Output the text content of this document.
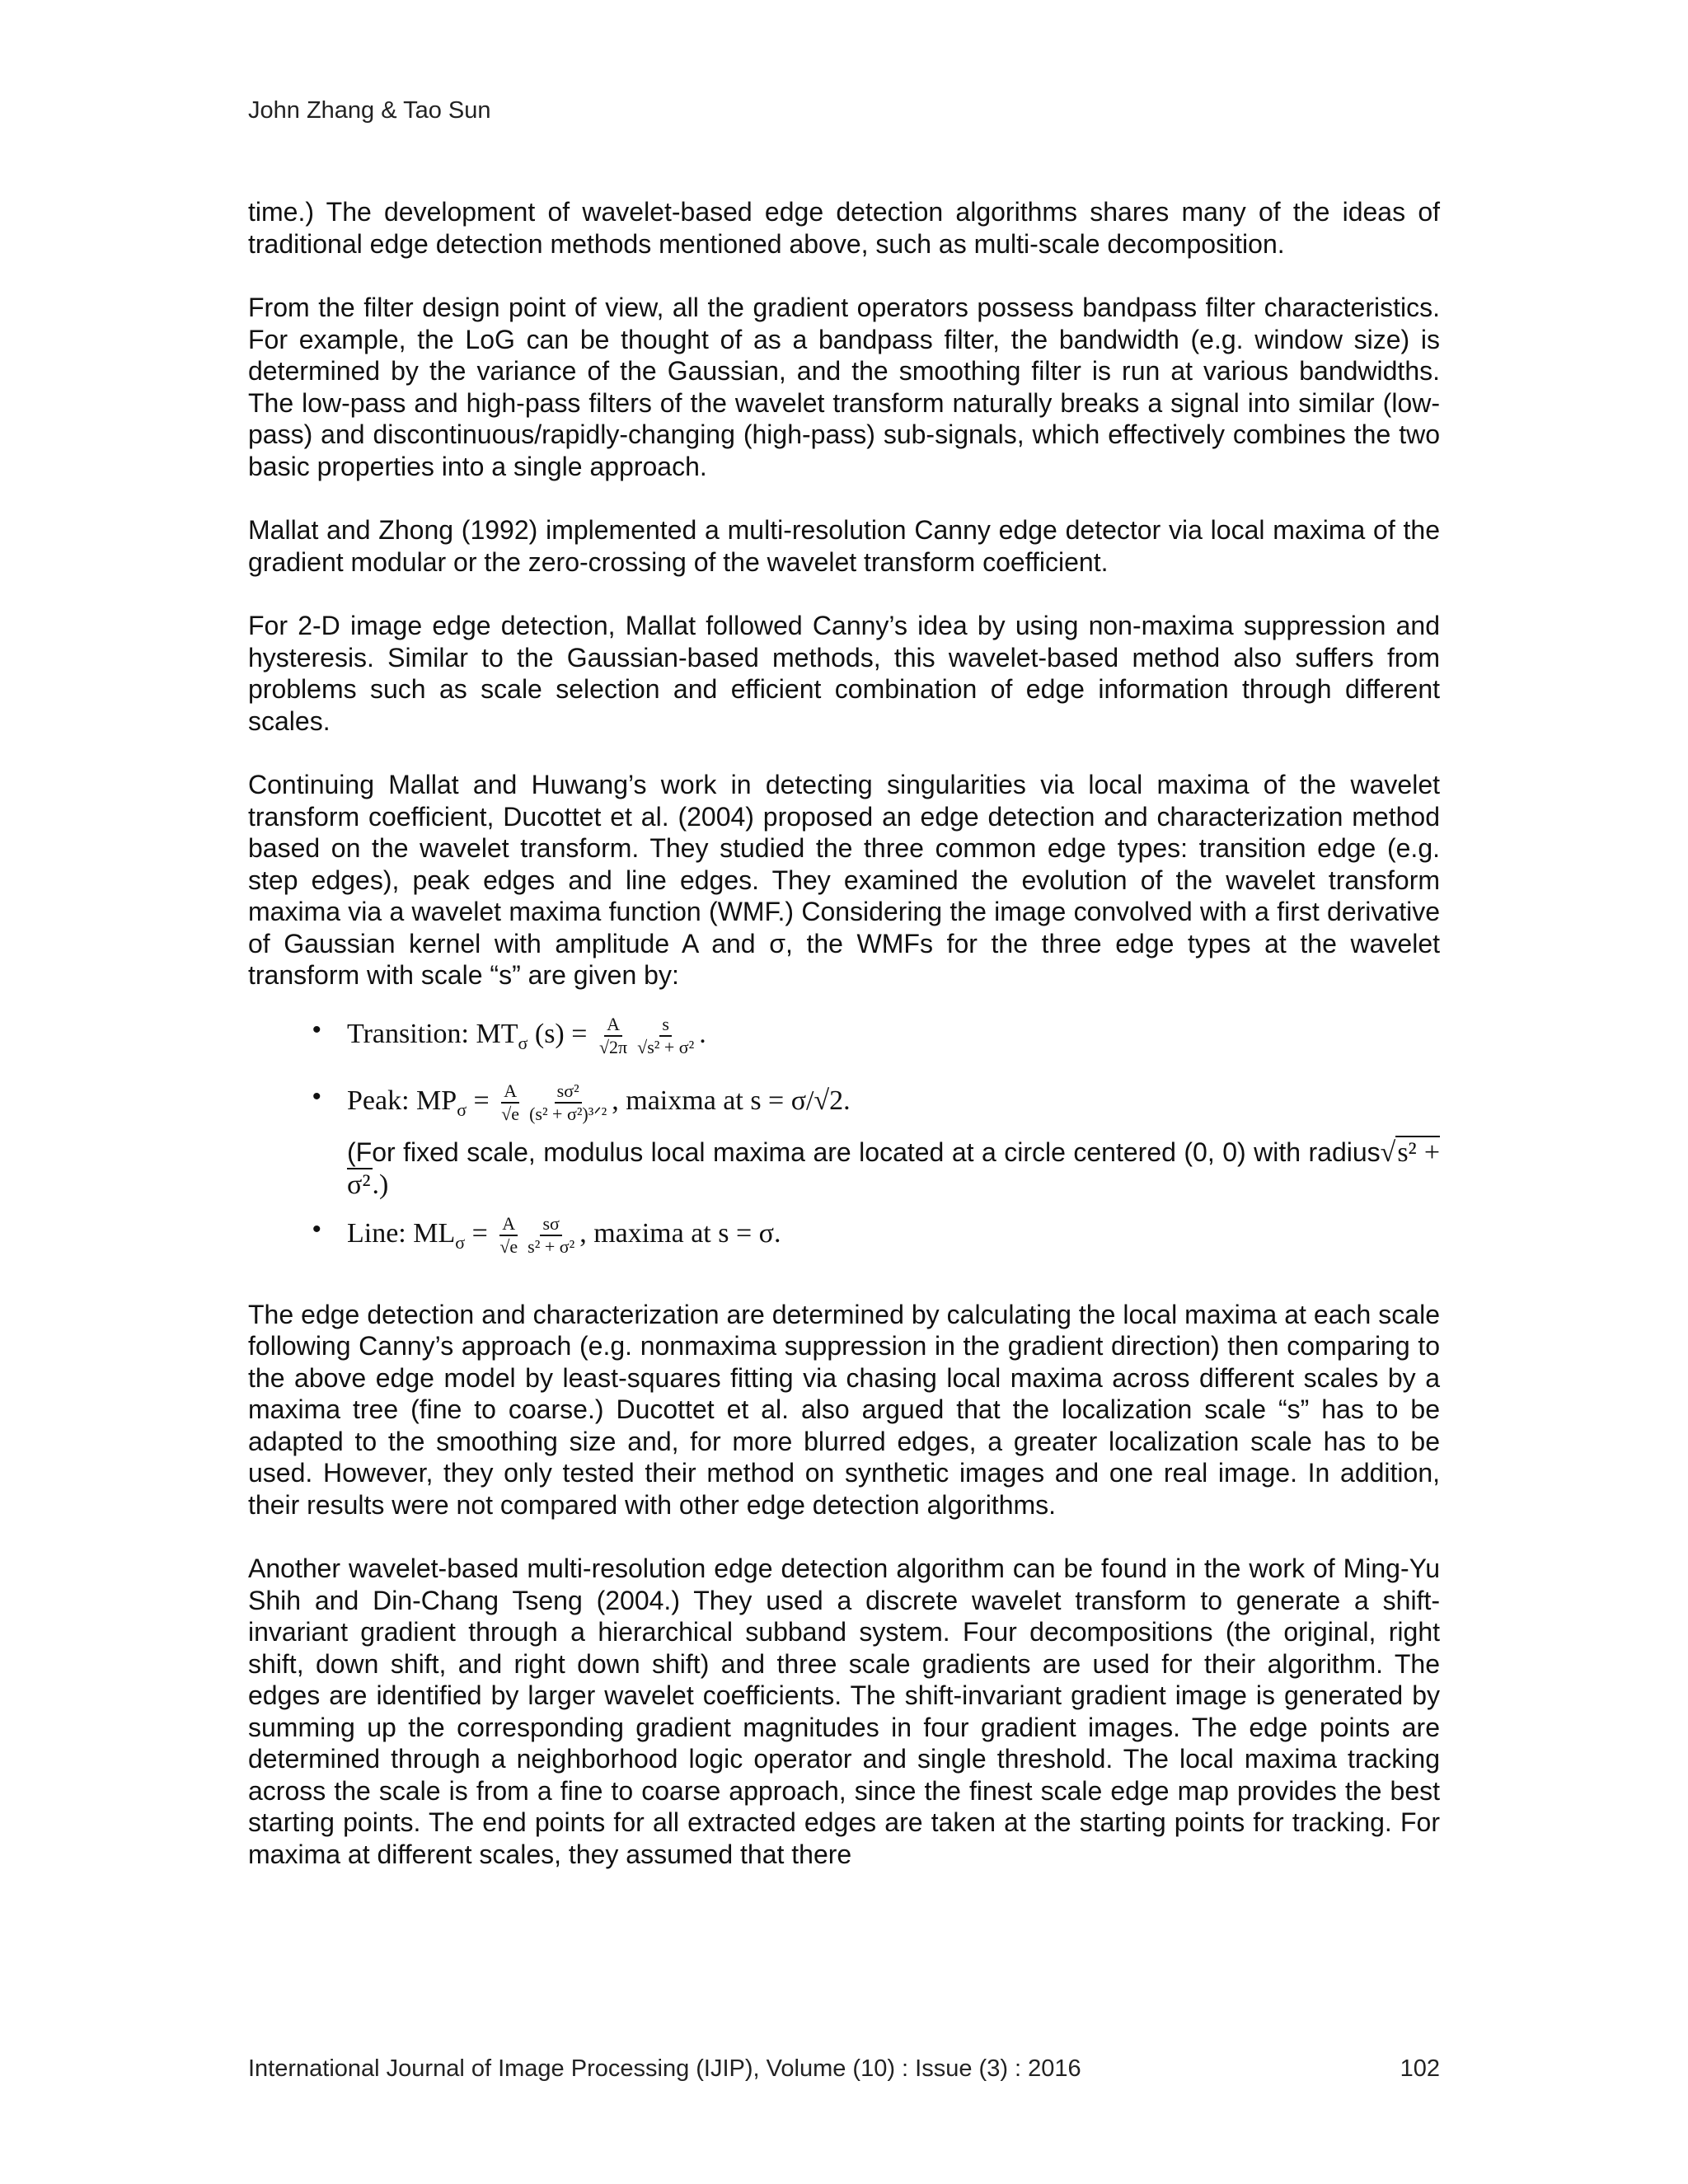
John Zhang & Tao Sun

time.) The development of wavelet-based edge detection algorithms shares many of the ideas of traditional edge detection methods mentioned above, such as multi-scale decomposition.

From the filter design point of view, all the gradient operators possess bandpass filter characteristics. For example, the LoG can be thought of as a bandpass filter, the bandwidth (e.g. window size) is determined by the variance of the Gaussian, and the smoothing filter is run at various bandwidths. The low-pass and high-pass filters of the wavelet transform naturally breaks a signal into similar (low-pass) and discontinuous/rapidly-changing (high-pass) sub-signals, which effectively combines the two basic properties into a single approach.

Mallat and Zhong (1992) implemented a multi-resolution Canny edge detector via local maxima of the gradient modular or the zero-crossing of the wavelet transform coefficient.

For 2-D image edge detection, Mallat followed Canny’s idea by using non-maxima suppression and hysteresis. Similar to the Gaussian-based methods, this wavelet-based method also suffers from problems such as scale selection and efficient combination of edge information through different scales.

Continuing Mallat and Huwang’s work in detecting singularities via local maxima of the wavelet transform coefficient, Ducottet et al. (2004) proposed an edge detection and characterization method based on the wavelet transform. They studied the three common edge types: transition edge (e.g. step edges), peak edges and line edges. They examined the evolution of the wavelet transform maxima via a wavelet maxima function (WMF.) Considering the image convolved with a first derivative of Gaussian kernel with amplitude A and σ, the WMFs for the three edge types at the wavelet transform with scale “s” are given by:

• Transition: $MT_\sigma$ $(s) = \frac{A}{√2\pi} \frac{s}{\text{√s² + σ²}}$ .
• Peak: $MP_\sigma = \frac{A}{√e} \frac{\text{sσ²}}{\text{(s² + σ²)³ᐟ²}}$ , maixma at s = σ/√2.
(For fixed scale, modulus local maxima are located at a circle centered (0, 0) with radius√s² + σ².)
• Line: $ML_\sigma = \frac{A}{√e} \frac{s\sigma}{\text{s² + σ²}}$ , maxima at s = σ.

The edge detection and characterization are determined by calculating the local maxima at each scale following Canny’s approach (e.g. nonmaxima suppression in the gradient direction) then comparing to the above edge model by least-squares fitting via chasing local maxima across different scales by a maxima tree (fine to coarse.) Ducottet et al. also argued that the localization scale “s” has to be adapted to the smoothing size and, for more blurred edges, a greater localization scale has to be used. However, they only tested their method on synthetic images and one real image. In addition, their results were not compared with other edge detection algorithms.

Another wavelet-based multi-resolution edge detection algorithm can be found in the work of Ming-Yu Shih and Din-Chang Tseng (2004.) They used a discrete wavelet transform to generate a shift-invariant gradient through a hierarchical subband system. Four decompositions (the original, right shift, down shift, and right down shift) and three scale gradients are used for their algorithm. The edges are identified by larger wavelet coefficients. The shift-invariant gradient image is generated by summing up the corresponding gradient magnitudes in four gradient images. The edge points are determined through a neighborhood logic operator and single threshold. The local maxima tracking across the scale is from a fine to coarse approach, since the finest scale edge map provides the best starting points. The end points for all extracted edges are taken at the starting points for tracking. For maxima at different scales, they assumed that there

International Journal of Image Processing (IJIP), Volume (10) : Issue (3) : 2016	102
